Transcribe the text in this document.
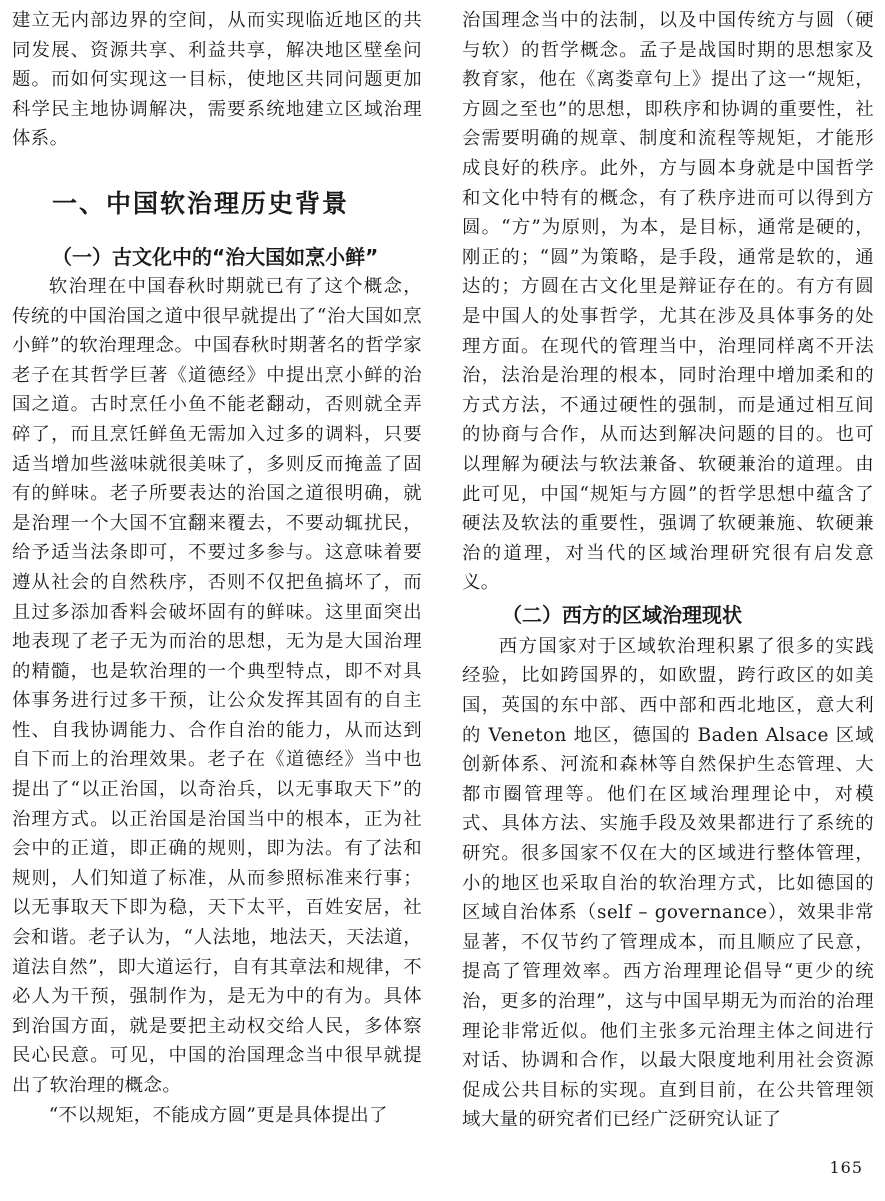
建立无内部边界的空间，从而实现临近地区的共同发展、资源共享、利益共享，解决地区壁垒问题。而如何实现这一目标，使地区共同问题更加科学民主地协调解决，需要系统地建立区域治理体系。

一、中国软治理历史背景
（一）古文化中的“治大国如烹小鲜”

软治理在中国春秋时期就已有了这个概念，传统的中国治国之道中很早就提出了“治大国如烹小鲜”的软治理理念。中国春秋时期著名的哲学家老子在其哲学巨著《道德经》中提出烹小鲜的治国之道。古时烹任小鱼不能老翻动，否则就全弄碎了，而且烹饪鲜鱼无需加入过多的调料，只要适当增加些滋味就很美味了，多则反而掩盖了固有的鲜味。老子所要表达的治国之道很明确，就是治理一个大国不宜翻来覆去，不要动辄扰民，给予适当法条即可，不要过多参与。这意味着要遵从社会的自然秩序，否则不仅把鱼搞坏了，而且过多添加香料会破坏固有的鲜味。这里面突出地表现了老子无为而治的思想，无为是大国治理的精髓，也是软治理的一个典型特点，即不对具体事务进行过多干预，让公众发挥其固有的自主性、自我协调能力、合作自治的能力，从而达到自下而上的治理效果。老子在《道德经》当中也提出了“以正治国，以奇治兵，以无事取天下”的治理方式。以正治国是治国当中的根本，正为社会中的正道，即正确的规则，即为法。有了法和规则，人们知道了标准，从而参照标准来行事；以无事取天下即为稳，天下太平，百姓安居，社会和谐。老子认为，“人法地，地法天，天法道，道法自然”，即大道运行，自有其章法和规律，不必人为干预，强制作为，是无为中的有为。具体到治国方面，就是要把主动权交给人民，多体察民心民意。可见，中国的治国理念当中很早就提出了软治理的概念。

“不以规矩，不能成方圆”更是具体提出了

治国理念当中的法制，以及中国传统方与圆（硬与软）的哲学概念。孟子是战国时期的思想家及教育家，他在《离娄章句上》提出了这一“规矩，方圆之至也”的思想，即秩序和协调的重要性，社会需要明确的规章、制度和流程等规矩，才能形成良好的秩序。此外，方与圆本身就是中国哲学和文化中特有的概念，有了秩序进而可以得到方圆。“方”为原则，为本，是目标，通常是硬的，刚正的；“圆”为策略，是手段，通常是软的，通达的；方圆在古文化里是辩证存在的。有方有圆是中国人的处事哲学，尤其在涉及具体事务的处理方面。在现代的管理当中，治理同样离不开法治，法治是治理的根本，同时治理中增加柔和的方式方法，不通过硬性的强制，而是通过相互间的协商与合作，从而达到解决问题的目的。也可以理解为硬法与软法兼备、软硬兼治的道理。由此可见，中国“规矩与方圆”的哲学思想中蕴含了硬法及软法的重要性，强调了软硬兼施、软硬兼治的道理，对当代的区域治理研究很有启发意义。

（二）西方的区域治理现状

西方国家对于区域软治理积累了很多的实践经验，比如跨国界的，如欧盟，跨行政区的如美国，英国的东中部、西中部和西北地区，意大利的 Veneton 地区，德国的 Baden Alsace 区域创新体系、河流和森林等自然保护生态管理、大都市圈管理等。他们在区域治理理论中，对模式、具体方法、实施手段及效果都进行了系统的研究。很多国家不仅在大的区域进行整体管理，小的地区也采取自治的软治理方式，比如德国的区域自治体系（self – governance），效果非常显著，不仅节约了管理成本，而且顺应了民意，提高了管理效率。西方治理理论倡导“更少的统治，更多的治理”，这与中国早期无为而治的治理理论非常近似。他们主张多元治理主体之间进行对话、协调和合作，以最大限度地利用社会资源促成公共目标的实现。直到目前，在公共管理领域大量的研究者们已经广泛研究认证了

165
